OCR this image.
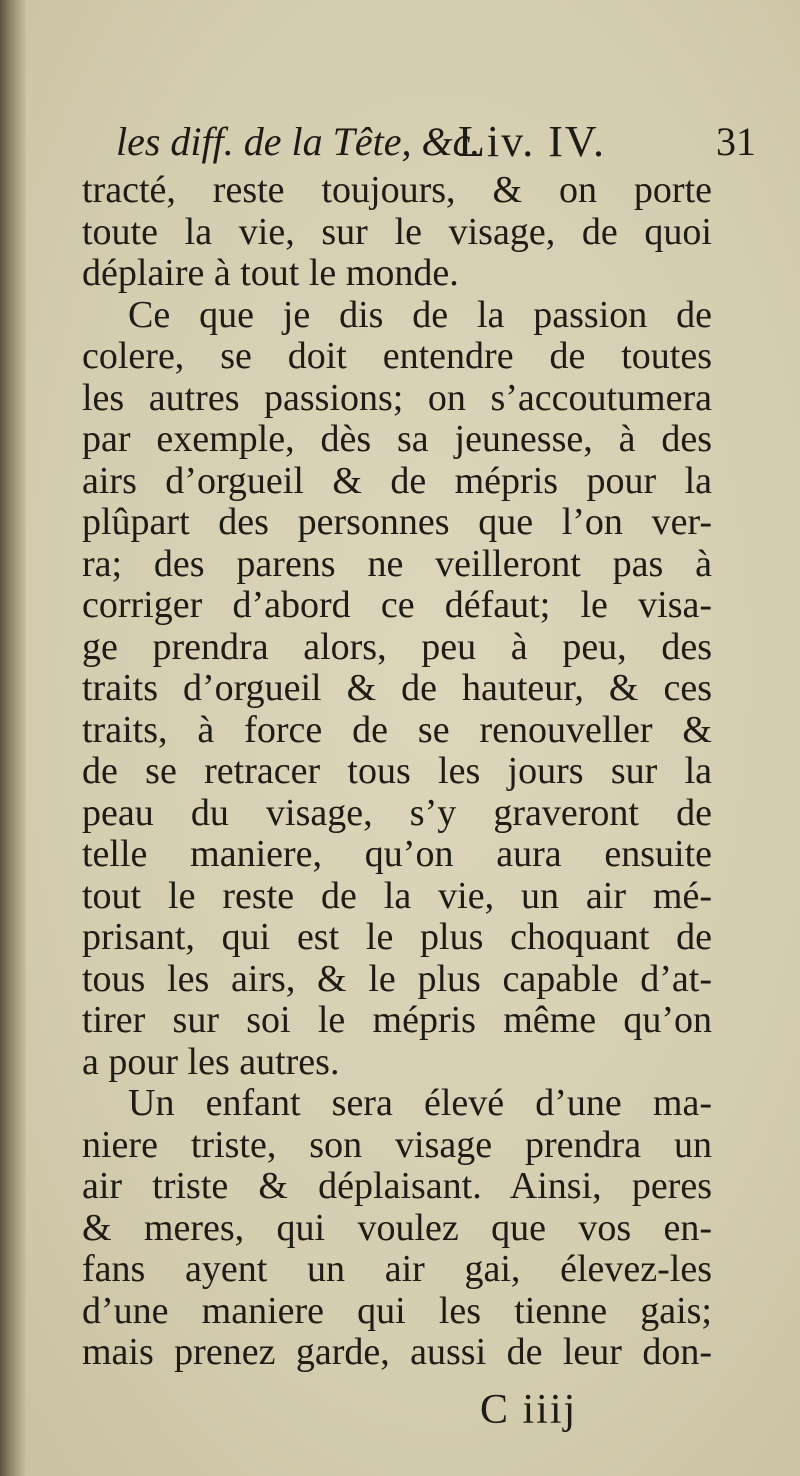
les diff. de la Tête, &c.
Liv. IV.	31
tracté, reste toujours, & on porte
toute la vie, sur le visage, de quoi
déplaire à tout le monde.
Ce que je dis de la passion de
colere, se doit entendre de toutes
les autres passions; on s’accoutumera
par exemple, dès sa jeunesse, à des
airs d’orgueil & de mépris pour la
plûpart des personnes que l’on ver-
ra; des parens ne veilleront pas à
corriger d’abord ce défaut; le visa-
ge prendra alors, peu à peu, des
traits d’orgueil & de hauteur, & ces
traits, à force de se renouveller &
de se retracer tous les jours sur la
peau du visage, s’y graveront de
telle maniere, qu’on aura ensuite
tout le reste de la vie, un air mé-
prisant, qui est le plus choquant de
tous les airs, & le plus capable d’at-
tirer sur soi le mépris même qu’on
a pour les autres.
Un enfant sera élevé d’une ma-
niere triste, son visage prendra un
air triste & déplaisant. Ainsi, peres
& meres, qui voulez que vos en-
fans ayent un air gai, élevez-les
d’une maniere qui les tienne gais;
mais prenez garde, aussi de leur don-
C iiij
